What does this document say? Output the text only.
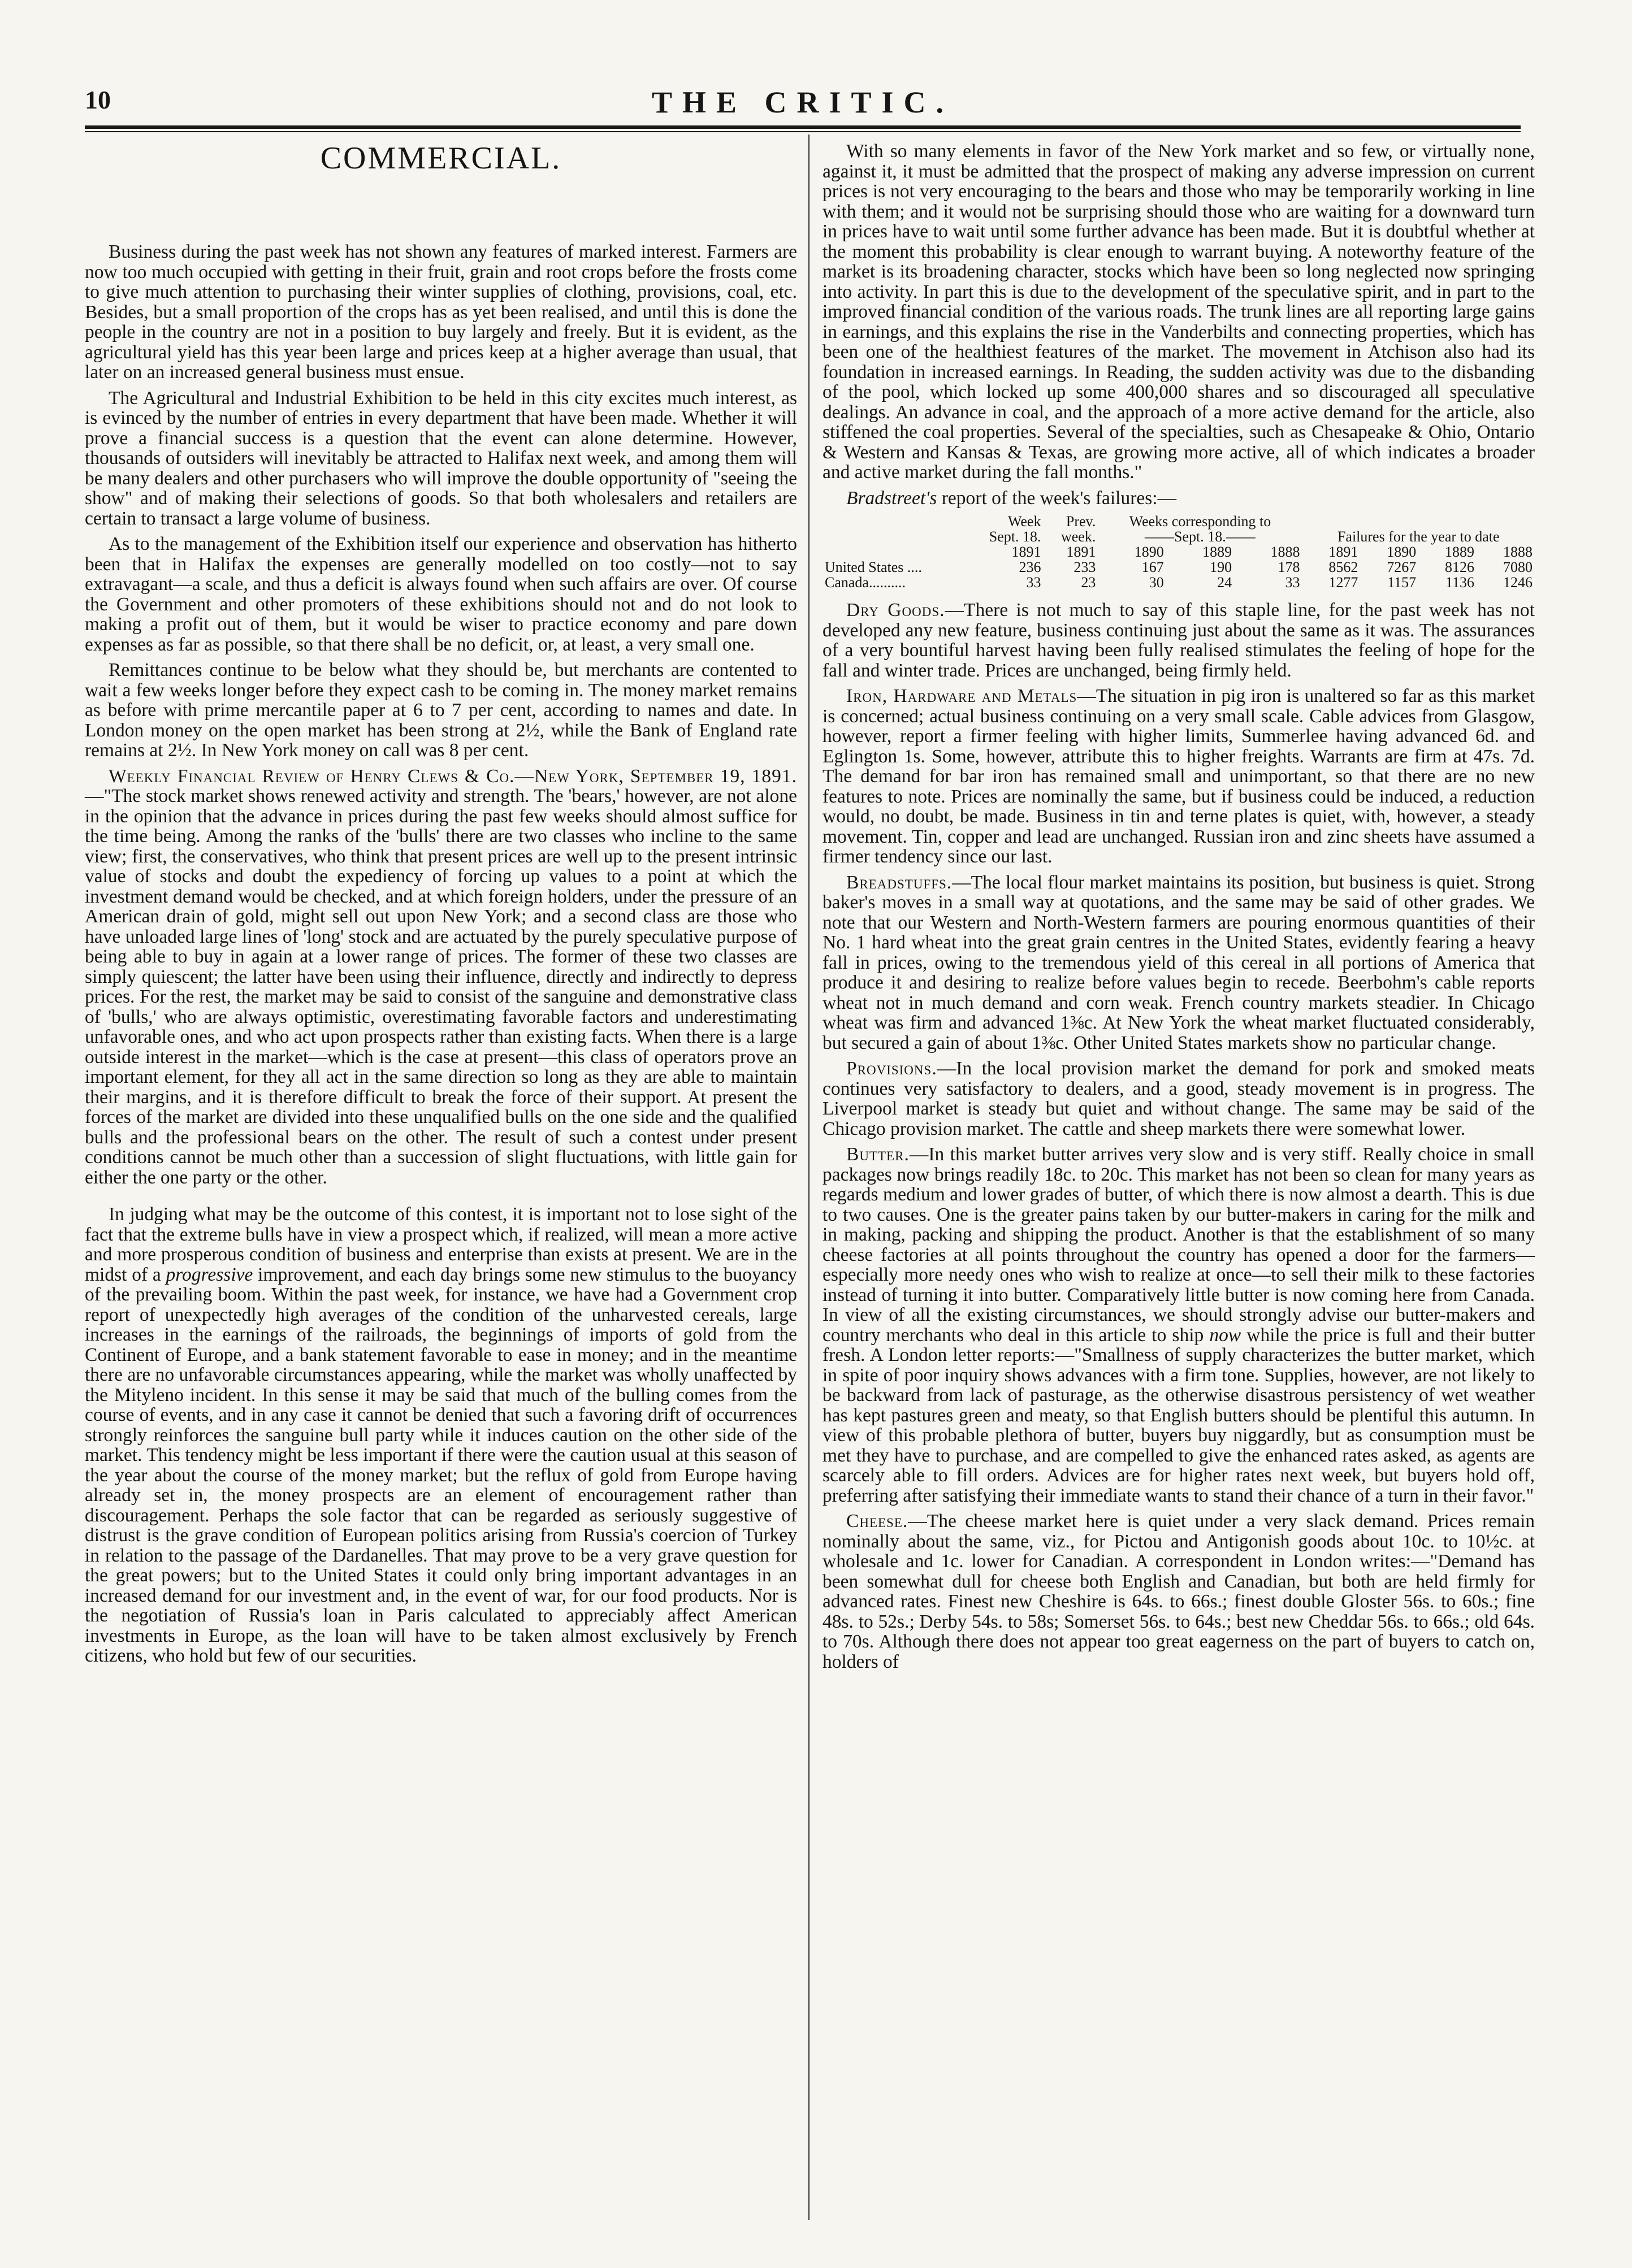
10	THE CRITIC.
COMMERCIAL.

Business during the past week has not shown any features of marked interest. Farmers are now too much occupied with getting in their fruit, grain and root crops before the frosts come to give much attention to purchasing their winter supplies of clothing, provisions, coal, etc. Besides, but a small proportion of the crops has as yet been realised, and until this is done the people in the country are not in a position to buy largely and freely. But it is evident, as the agricultural yield has this year been large and prices keep at a higher average than usual, that later on an increased general business must ensue.

The Agricultural and Industrial Exhibition to be held in this city excites much interest, as is evinced by the number of entries in every department that have been made. Whether it will prove a financial success is a question that the event can alone determine. However, thousands of outsiders will inevitably be attracted to Halifax next week, and among them will be many dealers and other purchasers who will improve the double opportunity of "seeing the show" and of making their selections of goods. So that both wholesalers and retailers are certain to transact a large volume of business.

As to the management of the Exhibition itself our experience and observation has hitherto been that in Halifax the expenses are generally modelled on too costly—not to say extravagant—a scale, and thus a deficit is always found when such affairs are over. Of course the Government and other promoters of these exhibitions should not and do not look to making a profit out of them, but it would be wiser to practice economy and pare down expenses as far as possible, so that there shall be no deficit, or, at least, a very small one.

Remittances continue to be below what they should be, but merchants are contented to wait a few weeks longer before they expect cash to be coming in. The money market remains as before with prime mercantile paper at 6 to 7 per cent, according to names and date. In London money on the open market has been strong at 2½, while the Bank of England rate remains at 2½. In New York money on call was 8 per cent.

Weekly Financial Review of Henry Clews & Co.—New York, September 19, 1891.—"The stock market shows renewed activity and strength. The 'bears,' however, are not alone in the opinion that the advance in prices during the past few weeks should almost suffice for the time being. Among the ranks of the 'bulls' there are two classes who incline to the same view; first, the conservatives, who think that present prices are well up to the present intrinsic value of stocks and doubt the expediency of forcing up values to a point at which the investment demand would be checked, and at which foreign holders, under the pressure of an American drain of gold, might sell out upon New York; and a second class are those who have unloaded large lines of 'long' stock and are actuated by the purely speculative purpose of being able to buy in again at a lower range of prices. The former of these two classes are simply quiescent; the latter have been using their influence, directly and indirectly to depress prices. For the rest, the market may be said to consist of the sanguine and demonstrative class of 'bulls,' who are always optimistic, overestimating favorable factors and underestimating unfavorable ones, and who act upon prospects rather than existing facts. When there is a large outside interest in the market—which is the case at present—this class of operators prove an important element, for they all act in the same direction so long as they are able to maintain their margins, and it is therefore difficult to break the force of their support. At present the forces of the market are divided into these unqualified bulls on the one side and the qualified bulls and the professional bears on the other. The result of such a contest under present conditions cannot be much other than a succession of slight fluctuations, with little gain for either the one party or the other.

In judging what may be the outcome of this contest, it is important not to lose sight of the fact that the extreme bulls have in view a prospect which, if realized, will mean a more active and more prosperous condition of business and enterprise than exists at present. We are in the midst of a progressive improvement, and each day brings some new stimulus to the buoyancy of the prevailing boom. Within the past week, for instance, we have had a Government crop report of unexpectedly high averages of the condition of the unharvested cereals, large increases in the earnings of the railroads, the beginnings of imports of gold from the Continent of Europe, and a bank statement favorable to ease in money; and in the meantime there are no unfavorable circumstances appearing, while the market was wholly unaffected by the Mityleno incident. In this sense it may be said that much of the bulling comes from the course of events, and in any case it cannot be denied that such a favoring drift of occurrences strongly reinforces the sanguine bull party while it induces caution on the other side of the market. This tendency might be less important if there were the caution usual at this season of the year about the course of the money market; but the reflux of gold from Europe having already set in, the money prospects are an element of encouragement rather than discouragement. Perhaps the sole factor that can be regarded as seriously suggestive of distrust is the grave condition of European politics arising from Russia's coercion of Turkey in relation to the passage of the Dardanelles. That may prove to be a very grave question for the great powers; but to the United States it could only bring important advantages in an increased demand for our investment and, in the event of war, for our food products. Nor is the negotiation of Russia's loan in Paris calculated to appreciably affect American investments in Europe, as the loan will have to be taken almost exclusively by French citizens, who hold but few of our securities.

With so many elements in favor of the New York market and so few, or virtually none, against it, it must be admitted that the prospect of making any adverse impression on current prices is not very encouraging to the bears and those who may be temporarily working in line with them; and it would not be surprising should those who are waiting for a downward turn in prices have to wait until some further advance has been made. But it is doubtful whether at the moment this probability is clear enough to warrant buying. A noteworthy feature of the market is its broadening character, stocks which have been so long neglected now springing into activity. In part this is due to the development of the speculative spirit, and in part to the improved financial condition of the various roads. The trunk lines are all reporting large gains in earnings, and this explains the rise in the Vanderbilts and connecting properties, which has been one of the healthiest features of the market. The movement in Atchison also had its foundation in increased earnings. In Reading, the sudden activity was due to the disbanding of the pool, which locked up some 400,000 shares and so discouraged all speculative dealings. An advance in coal, and the approach of a more active demand for the article, also stiffened the coal properties. Several of the specialties, such as Chesapeake & Ohio, Ontario & Western and Kansas & Texas, are growing more active, all of which indicates a broader and active market during the fall months."

Bradstreet's report of the week's failures:—

	Week	Prev.	Weeks corresponding to						
	Sept. 18.	week.	——Sept. 18.——			Failures for the year to date			
	1891	1891	1890	1889	1888	1891	1890	1889	1888
United States ....	236	233	167	190	178	8562	7267	8126	7080
Canada..........	33	23	30	24	33	1277	1157	1136	1246

Dry Goods.—There is not much to say of this staple line, for the past week has not developed any new feature, business continuing just about the same as it was. The assurances of a very bountiful harvest having been fully realised stimulates the feeling of hope for the fall and winter trade. Prices are unchanged, being firmly held.

Iron, Hardware and Metals—The situation in pig iron is unaltered so far as this market is concerned; actual business continuing on a very small scale. Cable advices from Glasgow, however, report a firmer feeling with higher limits, Summerlee having advanced 6d. and Eglington 1s. Some, however, attribute this to higher freights. Warrants are firm at 47s. 7d. The demand for bar iron has remained small and unimportant, so that there are no new features to note. Prices are nominally the same, but if business could be induced, a reduction would, no doubt, be made. Business in tin and terne plates is quiet, with, however, a steady movement. Tin, copper and lead are unchanged. Russian iron and zinc sheets have assumed a firmer tendency since our last.

Breadstuffs.—The local flour market maintains its position, but business is quiet. Strong baker's moves in a small way at quotations, and the same may be said of other grades. We note that our Western and North-Western farmers are pouring enormous quantities of their No. 1 hard wheat into the great grain centres in the United States, evidently fearing a heavy fall in prices, owing to the tremendous yield of this cereal in all portions of America that produce it and desiring to realize before values begin to recede. Beerbohm's cable reports wheat not in much demand and corn weak. French country markets steadier. In Chicago wheat was firm and advanced 1⅜c. At New York the wheat market fluctuated considerably, but secured a gain of about 1⅜c. Other United States markets show no particular change.

Provisions.—In the local provision market the demand for pork and smoked meats continues very satisfactory to dealers, and a good, steady movement is in progress. The Liverpool market is steady but quiet and without change. The same may be said of the Chicago provision market. The cattle and sheep markets there were somewhat lower.

Butter.—In this market butter arrives very slow and is very stiff. Really choice in small packages now brings readily 18c. to 20c. This market has not been so clean for many years as regards medium and lower grades of butter, of which there is now almost a dearth. This is due to two causes. One is the greater pains taken by our butter-makers in caring for the milk and in making, packing and shipping the product. Another is that the establishment of so many cheese factories at all points throughout the country has opened a door for the farmers—especially more needy ones who wish to realize at once—to sell their milk to these factories instead of turning it into butter. Comparatively little butter is now coming here from Canada. In view of all the existing circumstances, we should strongly advise our butter-makers and country merchants who deal in this article to ship now while the price is full and their butter fresh. A London letter reports:—"Smallness of supply characterizes the butter market, which in spite of poor inquiry shows advances with a firm tone. Supplies, however, are not likely to be backward from lack of pasturage, as the otherwise disastrous persistency of wet weather has kept pastures green and meaty, so that English butters should be plentiful this autumn. In view of this probable plethora of butter, buyers buy niggardly, but as consumption must be met they have to purchase, and are compelled to give the enhanced rates asked, as agents are scarcely able to fill orders. Advices are for higher rates next week, but buyers hold off, preferring after satisfying their immediate wants to stand their chance of a turn in their favor."

Cheese.—The cheese market here is quiet under a very slack demand. Prices remain nominally about the same, viz., for Pictou and Antigonish goods about 10c. to 10½c. at wholesale and 1c. lower for Canadian. A correspondent in London writes:—"Demand has been somewhat dull for cheese both English and Canadian, but both are held firmly for advanced rates. Finest new Cheshire is 64s. to 66s.; finest double Gloster 56s. to 60s.; fine 48s. to 52s.; Derby 54s. to 58s; Somerset 56s. to 64s.; best new Cheddar 56s. to 66s.; old 64s. to 70s. Although there does not appear too great eagerness on the part of buyers to catch on, holders of
